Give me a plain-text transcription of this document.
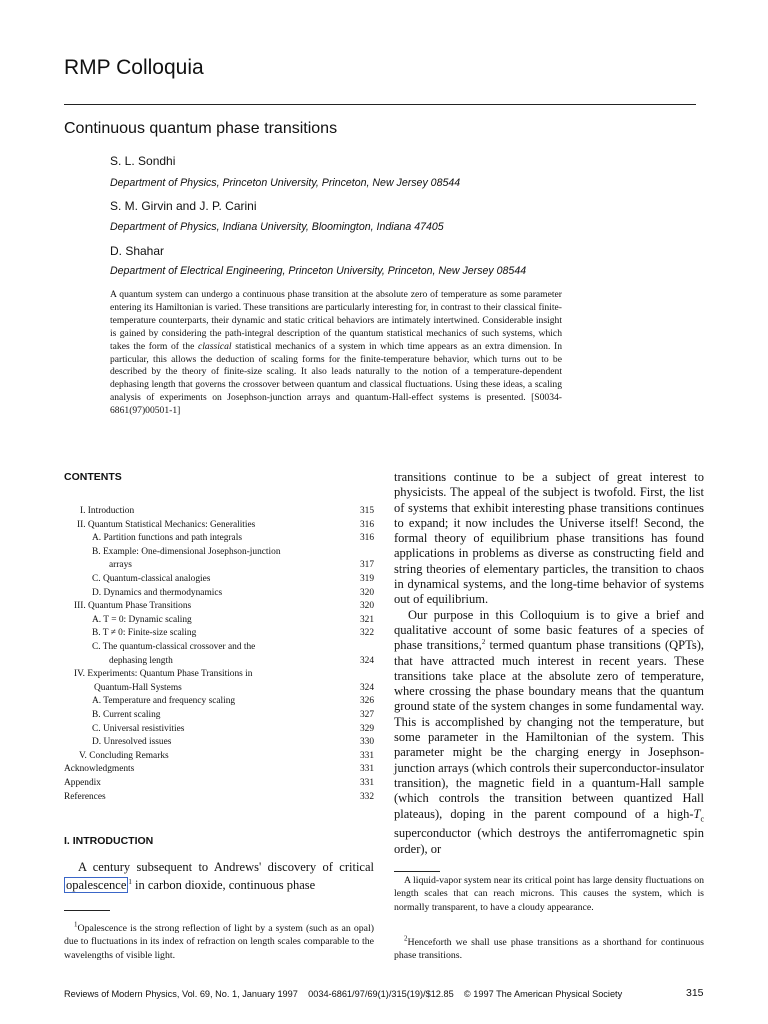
RMP Colloquia
Continuous quantum phase transitions
S. L. Sondhi
Department of Physics, Princeton University, Princeton, New Jersey 08544
S. M. Girvin and J. P. Carini
Department of Physics, Indiana University, Bloomington, Indiana 47405
D. Shahar
Department of Electrical Engineering, Princeton University, Princeton, New Jersey 08544
A quantum system can undergo a continuous phase transition at the absolute zero of temperature as some parameter entering its Hamiltonian is varied. These transitions are particularly interesting for, in contrast to their classical finite-temperature counterparts, their dynamic and static critical behaviors are intimately intertwined. Considerable insight is gained by considering the path-integral description of the quantum statistical mechanics of such systems, which takes the form of the classical statistical mechanics of a system in which time appears as an extra dimension. In particular, this allows the deduction of scaling forms for the finite-temperature behavior, which turns out to be described by the theory of finite-size scaling. It also leads naturally to the notion of a temperature-dependent dephasing length that governs the crossover between quantum and classical fluctuations. Using these ideas, a scaling analysis of experiments on Josephson-junction arrays and quantum-Hall-effect systems is presented. [S0034-6861(97)00501-1]
CONTENTS
I. Introduction	315
II. Quantum Statistical Mechanics: Generalities	316
A. Partition functions and path integrals	316
B. Example: One-dimensional Josephson-junction
arrays	317
C. Quantum-classical analogies	319
D. Dynamics and thermodynamics	320
III. Quantum Phase Transitions	320
A. T = 0: Dynamic scaling	321
B. T ≠ 0: Finite-size scaling	322
C. The quantum-classical crossover and the
dephasing length	324
IV. Experiments: Quantum Phase Transitions in
Quantum-Hall Systems	324
A. Temperature and frequency scaling	326
B. Current scaling	327
C. Universal resistivities	329
D. Unresolved issues	330
V. Concluding Remarks	331
Acknowledgments	331
Appendix	331
References	332
I. INTRODUCTION
A century subsequent to Andrews' discovery of critical opalescence $^1$ in carbon dioxide, continuous phase
$^1$Opalescence is the strong reflection of light by a system (such as an opal) due to fluctuations in its index of refraction on length scales comparable to the wavelengths of visible light.

transitions continue to be a subject of great interest to physicists. The appeal of the subject is twofold. First, the list of systems that exhibit interesting phase transitions continues to expand; it now includes the Universe itself! Second, the formal theory of equilibrium phase transitions has found applications in problems as diverse as constructing field and string theories of elementary particles, the transition to chaos in dynamical systems, and the long-time behavior of systems out of equilibrium.

Our purpose in this Colloquium is to give a brief and qualitative account of some basic features of a species of phase transitions,$^2$ termed quantum phase transitions (QPTs), that have attracted much interest in recent years. These transitions take place at the absolute zero of temperature, where crossing the phase boundary means that the quantum ground state of the system changes in some fundamental way. This is accomplished by changing not the temperature, but some parameter in the Hamiltonian of the system. This parameter might be the charging energy in Josephson-junction arrays (which controls their superconductor-insulator transition), the magnetic field in a quantum-Hall sample (which controls the transition between quantized Hall plateaus), doping in the parent compound of a high-$T_c$ superconductor (which destroys the antiferromagnetic spin order), or

A liquid-vapor system near its critical point has large density fluctuations on length scales that can reach microns. This causes the system, which is normally transparent, to have a cloudy appearance.
$^2$Henceforth we shall use phase transitions as a shorthand for continuous phase transitions.
Reviews of Modern Physics, Vol. 69, No. 1, January 1997 0034-6861/97/69(1)/315(19)/$12.85 © 1997 The American Physical Society	315
